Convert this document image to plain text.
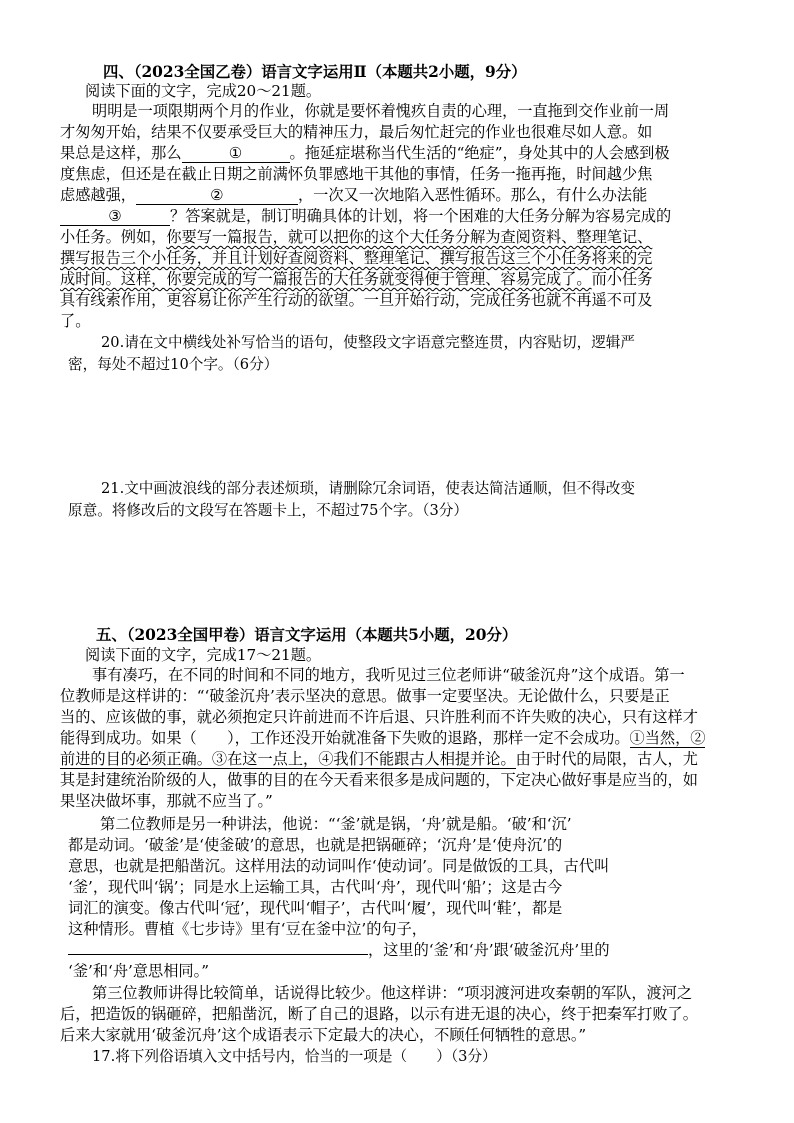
四、（2023全国乙卷）语言文字运用Ⅱ（本题共2小题，9分）
阅读下面的文字，完成20～21题。
明明是一项限期两个月的作业，你就是要怀着愧疚自责的心理，一直拖到交作业前一周
才匆匆开始，结果不仅要承受巨大的精神压力，最后匆忙赶完的作业也很难尽如人意。如
果总是这样，那么	①	。拖延症堪称当代生活的“绝症”，身处其中的人会感到极
度焦虑，但还是在截止日期之前满怀负罪感地干其他的事情，任务一拖再拖，时间越少焦
虑感越强，	②	，一次又一次地陷入恶性循环。那么，有什么办法能
③	？答案就是，制订明确具体的计划，将一个困难的大任务分解为容易完成的
小任务。例如，你要写一篇报告，就可以把你的这个大任务分解为查阅资料、整理笔记、
撰写报告三个小任务，并且计划好查阅资料、整理笔记、撰写报告这三个小任务将来的完
成时间。这样，你要完成的写一篇报告的大任务就变得便于管理、容易完成了。而小任务
具有线索作用，更容易让你产生行动的欲望。一旦开始行动，完成任务也就不再遥不可及
了。
20.请在文中横线处补写恰当的语句，使整段文字语意完整连贯，内容贴切，逻辑严
密，每处不超过10个字。（6分）
21.文中画波浪线的部分表述烦琐，请删除冗余词语，使表达简洁通顺，但不得改变
原意。将修改后的文段写在答题卡上，不超过75个字。（3分）
五、（2023全国甲卷）语言文字运用（本题共5小题，20分）
阅读下面的文字，完成17～21题。
事有凑巧，在不同的时间和不同的地方，我听见过三位老师讲“破釜沉舟”这个成语。第一
位教师是这样讲的：“‘破釜沉舟’表示坚决的意思。做事一定要坚决。无论做什么，只要是正
当的、应该做的事，就必须抱定只许前进而不许后退、只许胜利而不许失败的决心，只有这样才
能得到成功。如果（　　），工作还没开始就准备下失败的退路，那样一定不会成功。①当然，②
前进的目的必须正确。③在这一点上，④我们不能跟古人相提并论。由于时代的局限，古人，尤
其是封建统治阶级的人，做事的目的在今天看来很多是成问题的，下定决心做好事是应当的，如
果坚决做坏事，那就不应当了。”
第二位教师是另一种讲法，他说：“‘釜’就是锅，‘舟’就是船。‘破’和‘沉’
都是动词。‘破釜’是‘使釜破’的意思，也就是把锅砸碎；‘沉舟’是‘使舟沉’的
意思，也就是把船凿沉。这样用法的动词叫作‘使动词’。同是做饭的工具，古代叫
‘釜’，现代叫‘锅’；同是水上运输工具，古代叫‘舟’，现代叫‘船’；这是古今
词汇的演变。像古代叫‘冠’，现代叫‘帽子’，古代叫‘履’，现代叫‘鞋’，都是
这种情形。曹植《七步诗》里有‘豆在釜中泣’的句子，
，这里的‘釜’和‘舟’跟‘破釜沉舟’里的
‘釜’和‘舟’意思相同。”
第三位教师讲得比较简单，话说得比较少。他这样讲：“项羽渡河进攻秦朝的军队，渡河之
后，把造饭的锅砸碎，把船凿沉，断了自己的退路，以示有进无退的决心，终于把秦军打败了。
后来大家就用‘破釜沉舟’这个成语表示下定最大的决心，不顾任何牺牲的意思。”
17.将下列俗语填入文中括号内，恰当的一项是（　　）（3分）
